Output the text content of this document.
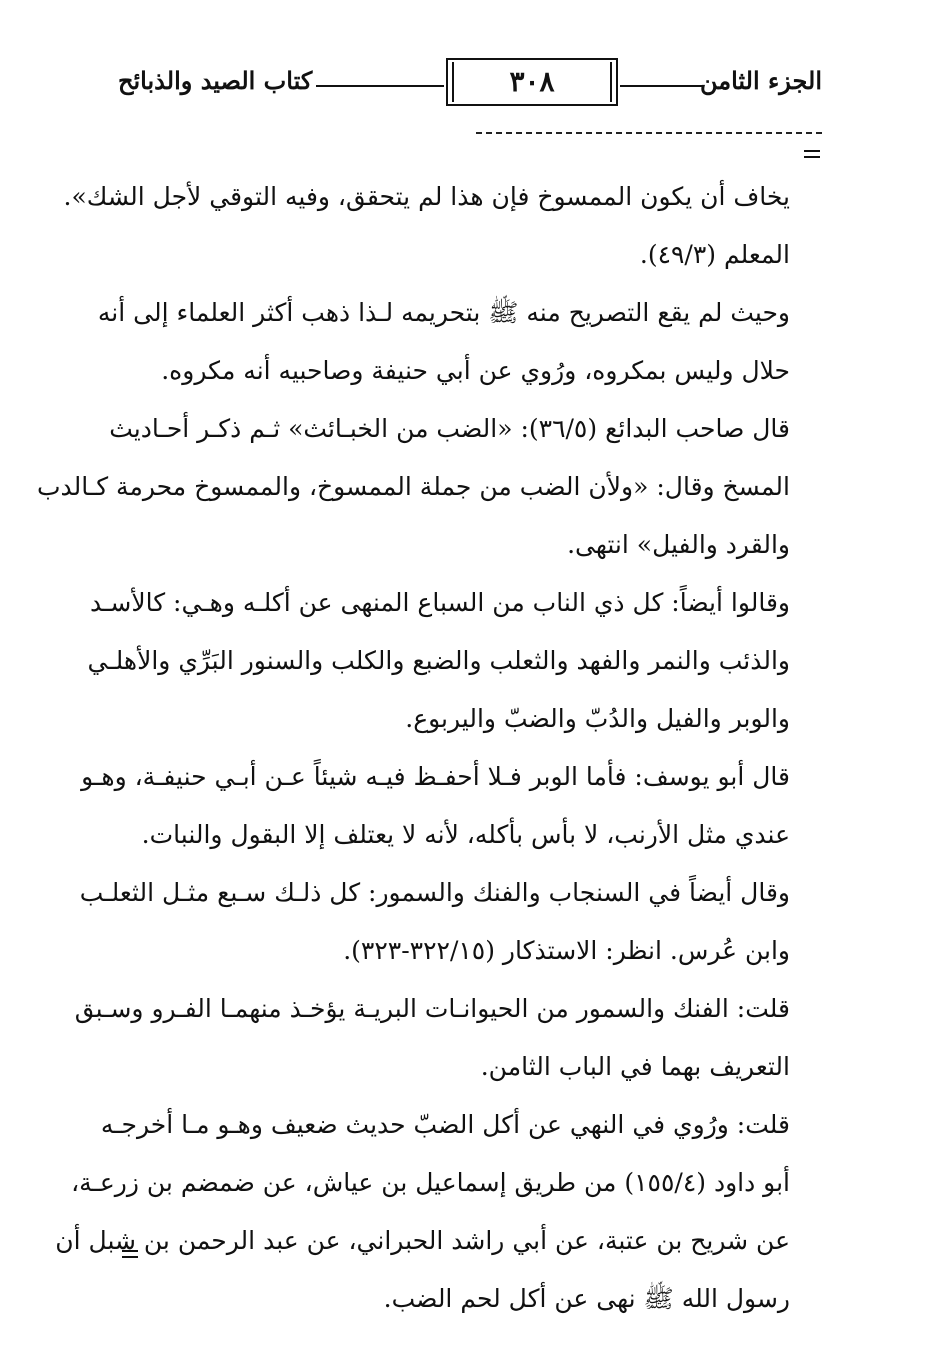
الجزء الثامن
٣٠٨
كتاب الصيد والذبائح
يخاف أن يكون الممسوخ فإن هذا لم يتحقق، وفيه التوقي لأجل الشك».
المعلم (٤٩/٣).
وحيث لم يقع التصريح منه ﷺ بتحريمه لـذا ذهب أكثر العلماء إلى أنه
حلال وليس بمكروه، ورُوي عن أبي حنيفة وصاحبيه أنه مكروه.
قال صاحب البدائع (٣٦/٥): «الضب من الخبـائث» ثـم ذكـر أحـاديث
المسخ وقال: «ولأن الضب من جملة الممسوخ، والممسوخ محرمة كـالدب
والقرد والفيل» انتهى.
وقالوا أيضاً: كل ذي الناب من السباع المنهى عن أكلـه وهـي: كالأسـد
والذئب والنمر والفهد والثعلب والضبع والكلب والسنور البَرِّي والأهلـي
والوبر والفيل والدُبّ والضبّ واليربوع.
قال أبو يوسف: فأما الوبر فـلا أحفـظ فيـه شيئاً عـن أبـي حنيفـة، وهـو
عندي مثل الأرنب، لا بأس بأكله، لأنه لا يعتلف إلا البقول والنبات.
وقال أيضاً في السنجاب والفنك والسمور: كل ذلـك سـبع مثـل الثعلـب
وابن عُرس. انظر: الاستذكار (٣٢٢/١٥-٣٢٣).
قلت: الفنك والسمور من الحيوانـات البريـة يؤخـذ منهمـا الفـرو وسـبق
التعريف بهما في الباب الثامن.
قلت: ورُوي في النهي عن أكل الضبّ حديث ضعيف وهـو مـا أخرجـه
أبو داود (١٥٥/٤) من طريق إسماعيل بن عياش، عن ضمضم بن زرعـة،
عن شريح بن عتبة، عن أبي راشد الحبراني، عن عبد الرحمن بن شبل أن
رسول الله ﷺ نهى عن أكل لحم الضب.
